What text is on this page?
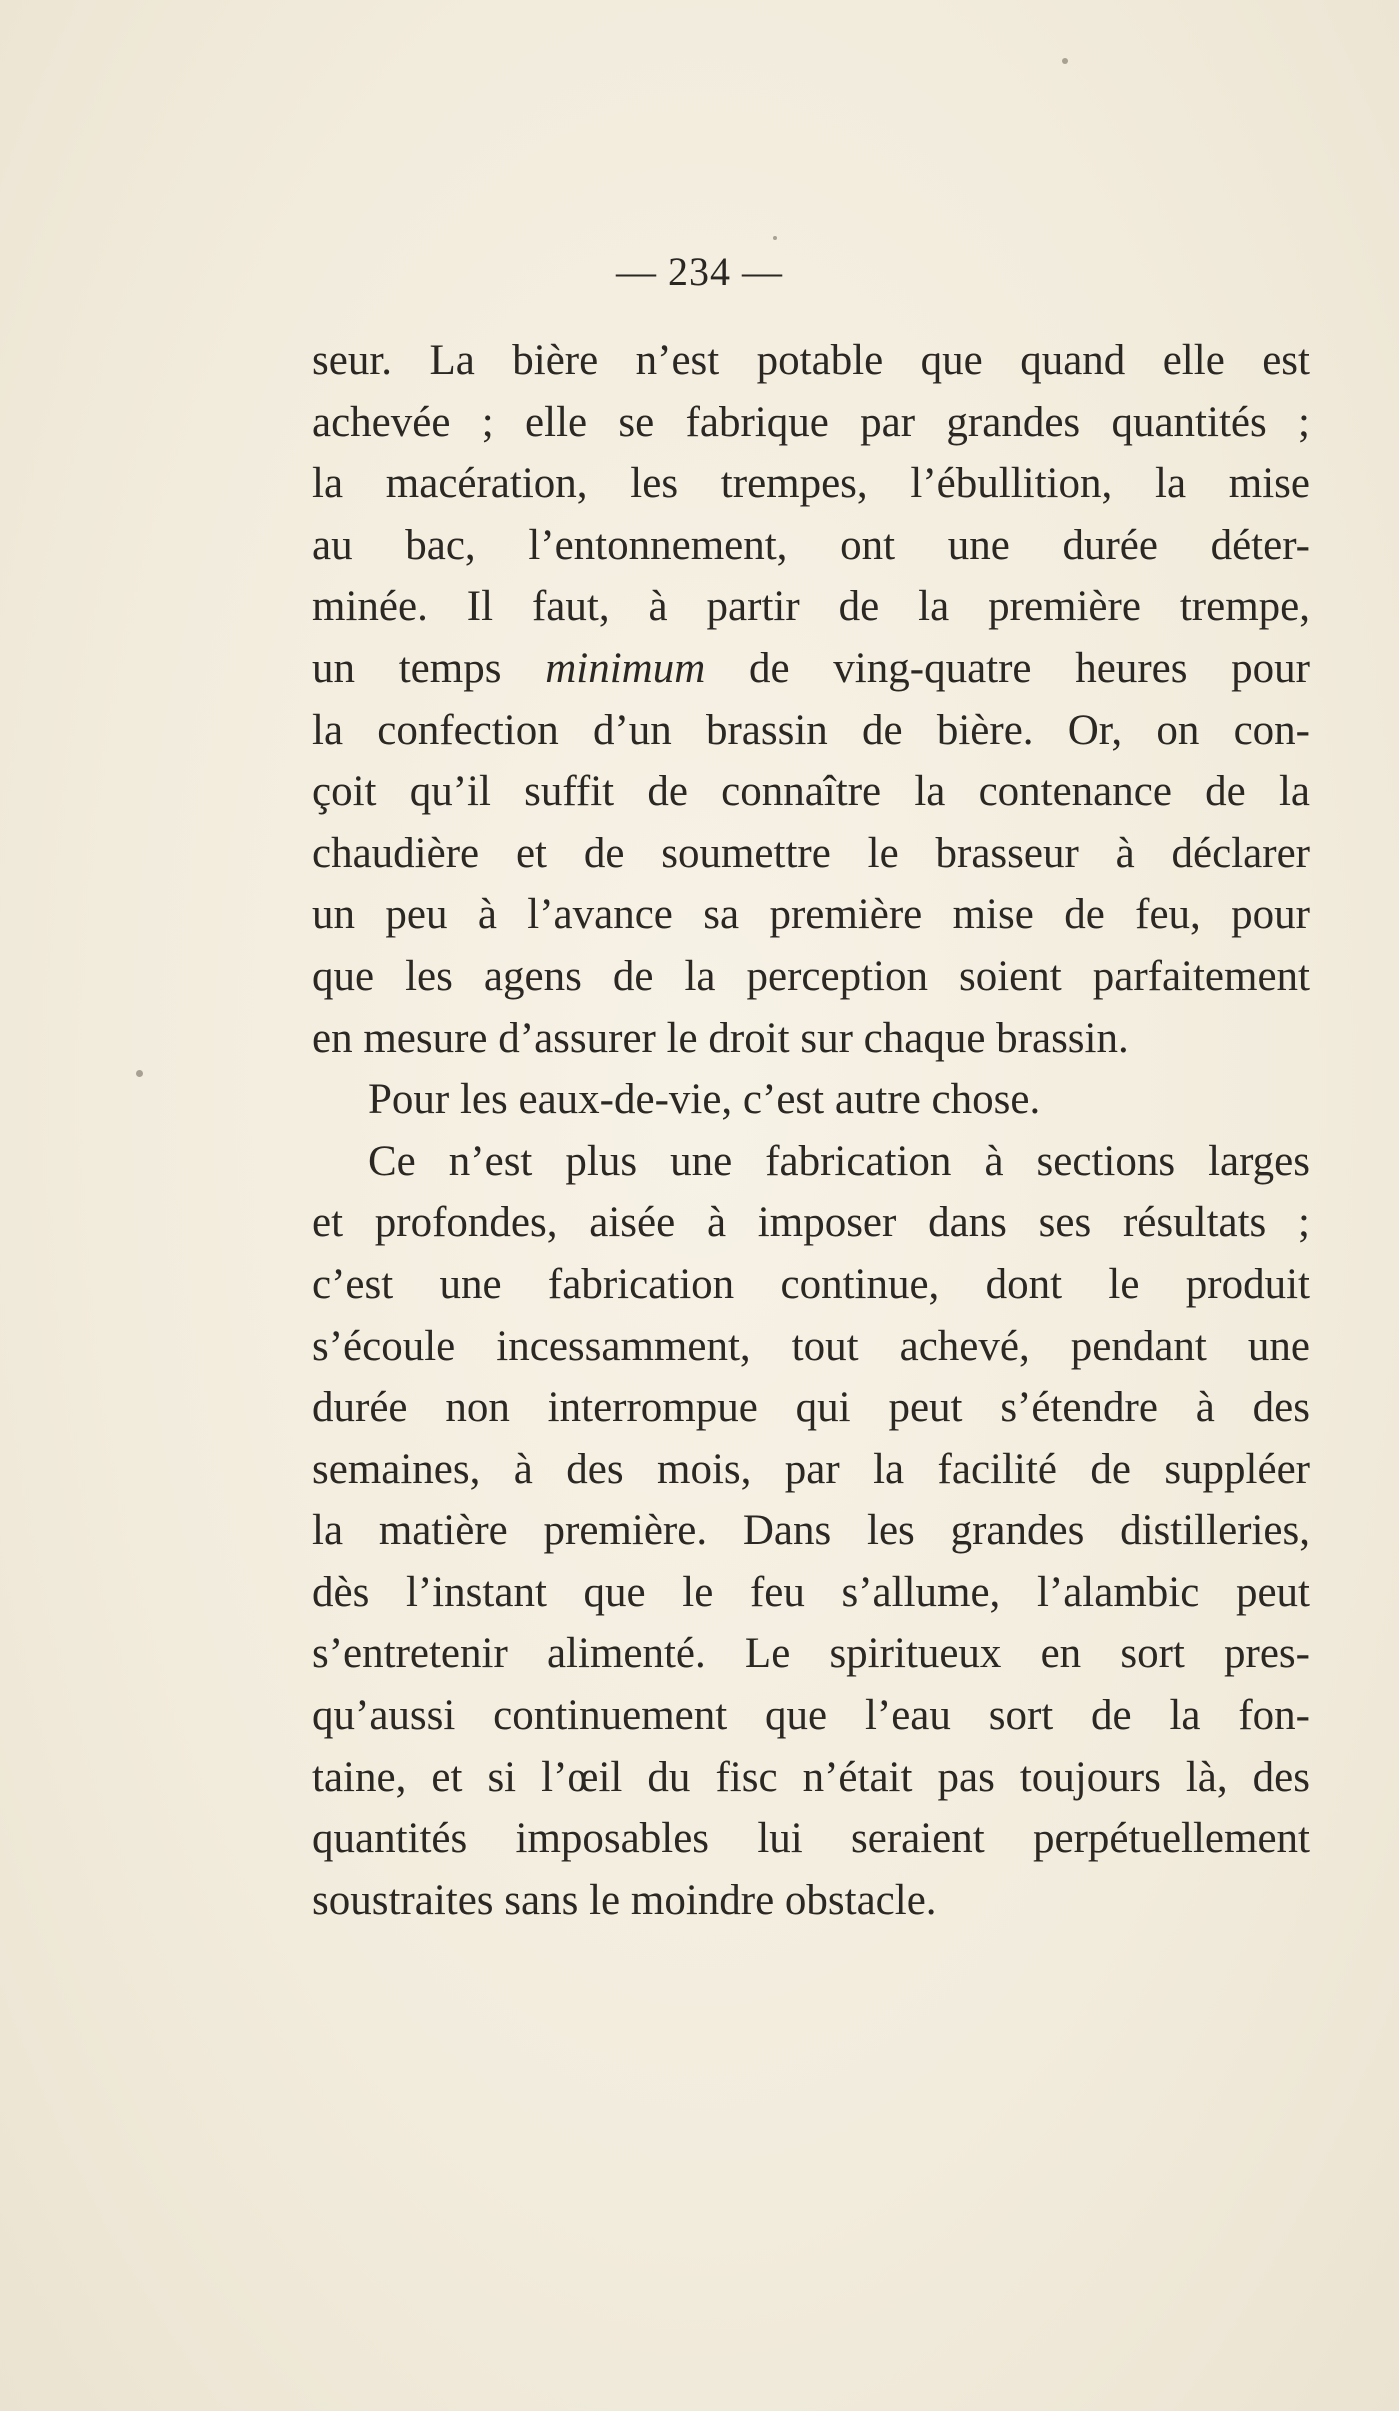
— 234 —
seur. La bière n’est potable que quand elle est
achevée ; elle se fabrique par grandes quantités ;
la macération, les trempes, l’ébullition, la mise
au bac, l’entonnement, ont une durée déter-
minée. Il faut, à partir de la première trempe,
un temps minimum de ving-quatre heures pour
la confection d’un brassin de bière. Or, on con-
çoit qu’il suffit de connaître la contenance de la
chaudière et de soumettre le brasseur à déclarer
un peu à l’avance sa première mise de feu, pour
que les agens de la perception soient parfaitement
en mesure d’assurer le droit sur chaque brassin.
Pour les eaux-de-vie, c’est autre chose.
Ce n’est plus une fabrication à sections larges
et profondes, aisée à imposer dans ses résultats ;
c’est une fabrication continue, dont le produit
s’écoule incessamment, tout achevé, pendant une
durée non interrompue qui peut s’étendre à des
semaines, à des mois, par la facilité de suppléer
la matière première. Dans les grandes distilleries,
dès l’instant que le feu s’allume, l’alambic peut
s’entretenir alimenté. Le spiritueux en sort pres-
qu’aussi continuement que l’eau sort de la fon-
taine, et si l’œil du fisc n’était pas toujours là, des
quantités imposables lui seraient perpétuellement
soustraites sans le moindre obstacle.
